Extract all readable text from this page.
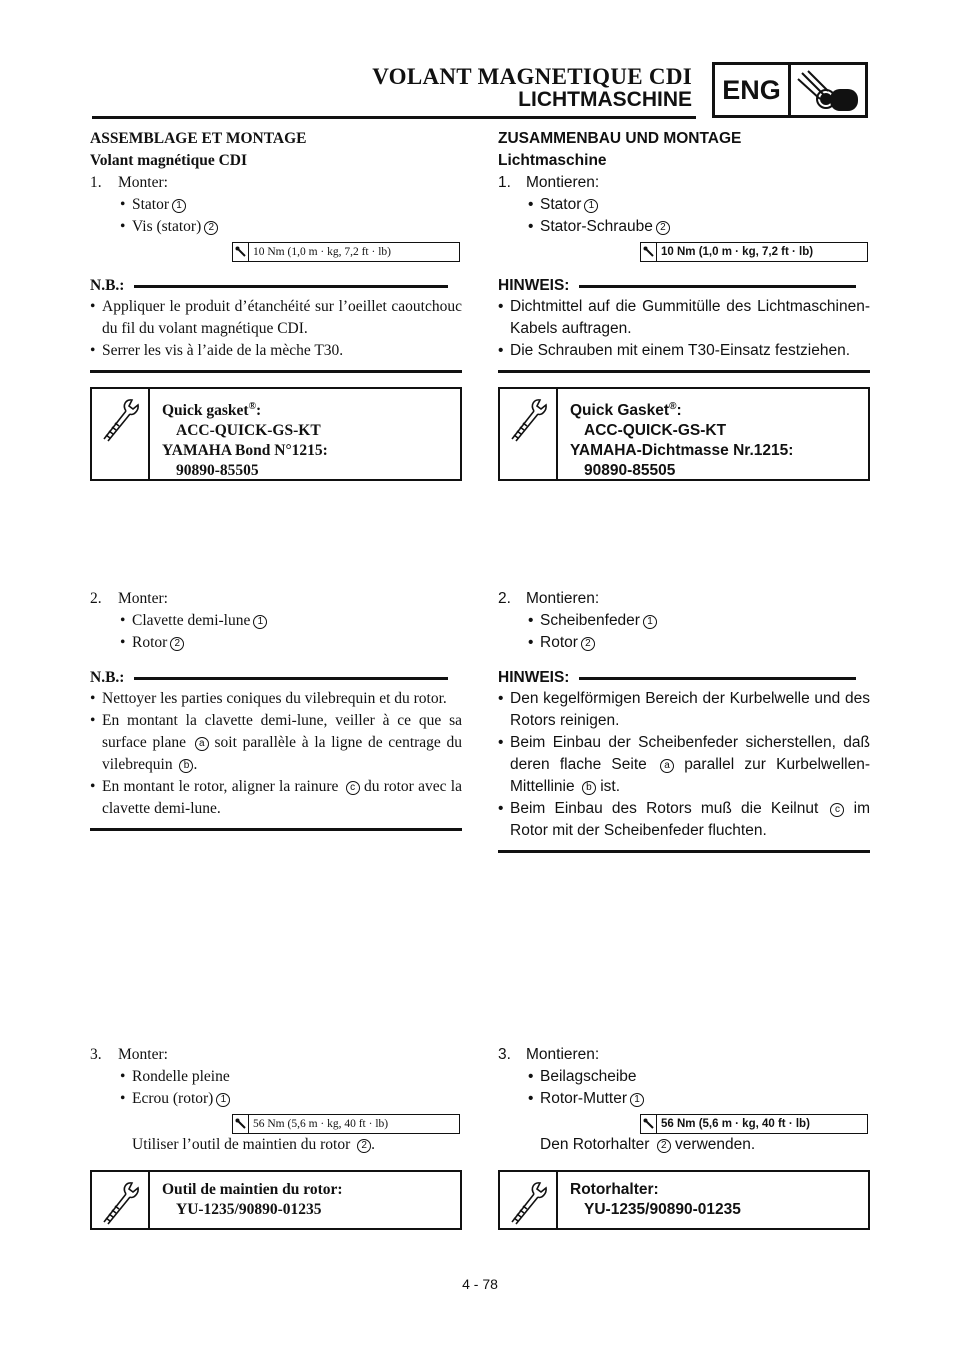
VOLANT MAGNETIQUE CDI
LICHTMASCHINE ENG
ASSEMBLAGE ET MONTAGE
Volant magnétique CDI
1.	Monter:
• Stator 1
• Vis (stator) 2
10 Nm (1,0 m · kg, 7,2 ft · lb)
N.B.:
• Appliquer le produit d’étanchéité sur l’oeillet caoutchouc du fil du volant magnétique CDI.
• Serrer les vis à l’aide de la mèche T30.
Quick gasket®:
ACC-QUICK-GS-KT
YAMAHA Bond N°1215:
90890-85505
2.	Monter:
• Clavette demi-lune 1
• Rotor 2
N.B.:
• Nettoyer les parties coniques du vilebrequin et du rotor.
• En montant la clavette demi-lune, veiller à ce que sa surface plane a soit parallèle à la ligne de centrage du vilebrequin b .
• En montant le rotor, aligner la rainure c du rotor avec la clavette demi-lune.
3.	Monter:
• Rondelle pleine
• Ecrou (rotor) 1
56 Nm (5,6 m · kg, 40 ft · lb)
Utiliser l’outil de maintien du rotor 2 .
Outil de maintien du rotor:
YU-1235/90890-01235
ZUSAMMENBAU UND MONTAGE
Lichtmaschine
1. Montieren:
• Stator 1
• Stator-Schraube 2
10 Nm (1,0 m · kg, 7,2 ft · lb)
HINWEIS:
• Dichtmittel auf die Gummitülle des Lichtmaschinen-Kabels auftragen.
• Die Schrauben mit einem T30-Einsatz festziehen.
Quick Gasket®:
ACC-QUICK-GS-KT
YAMAHA-Dichtmasse Nr.1215:
90890-85505
2. Montieren:
• Scheibenfeder 1
• Rotor 2
HINWEIS:
• Den kegelförmigen Bereich der Kurbelwelle und des Rotors reinigen.
• Beim Einbau der Scheibenfeder sicherstellen, daß deren flache Seite a parallel zur Kurbelwellen-Mittellinie b ist.
• Beim Einbau des Rotors muß die Keilnut c im Rotor mit der Scheibenfeder fluchten.
3. Montieren:
• Beilagscheibe
• Rotor-Mutter 1
56 Nm (5,6 m · kg, 40 ft · lb)
Den Rotorhalter 2 verwenden.
Rotorhalter:
YU-1235/90890-01235
4 - 78
